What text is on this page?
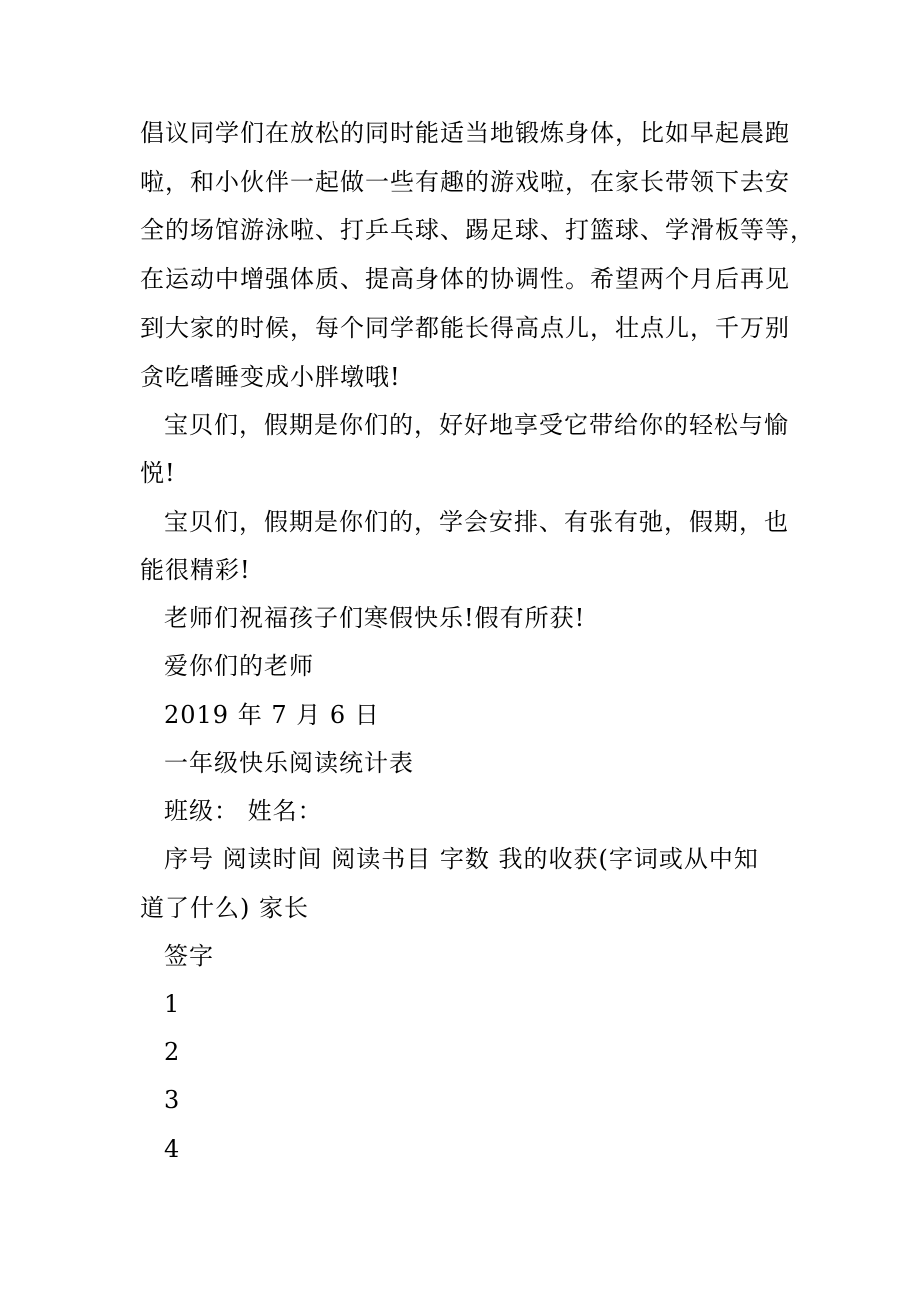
倡议同学们在放松的同时能适当地锻炼身体，比如早起晨跑
啦，和小伙伴一起做一些有趣的游戏啦，在家长带领下去安
全的场馆游泳啦、打乒乓球、踢足球、打篮球、学滑板等等，
在运动中增强体质、提高身体的协调性。希望两个月后再见
到大家的时候，每个同学都能长得高点儿，壮点儿，千万别
贪吃嗜睡变成小胖墩哦!
宝贝们，假期是你们的，好好地享受它带给你的轻松与愉
悦!
宝贝们，假期是你们的，学会安排、有张有弛，假期，也
能很精彩!
老师们祝福孩子们寒假快乐!假有所获!
爱你们的老师
2019 年 7 月 6 日
一年级快乐阅读统计表
班级： 姓名：
序号 阅读时间 阅读书目 字数 我的收获(字词或从中知
道了什么) 家长
签字
1
2
3
4
